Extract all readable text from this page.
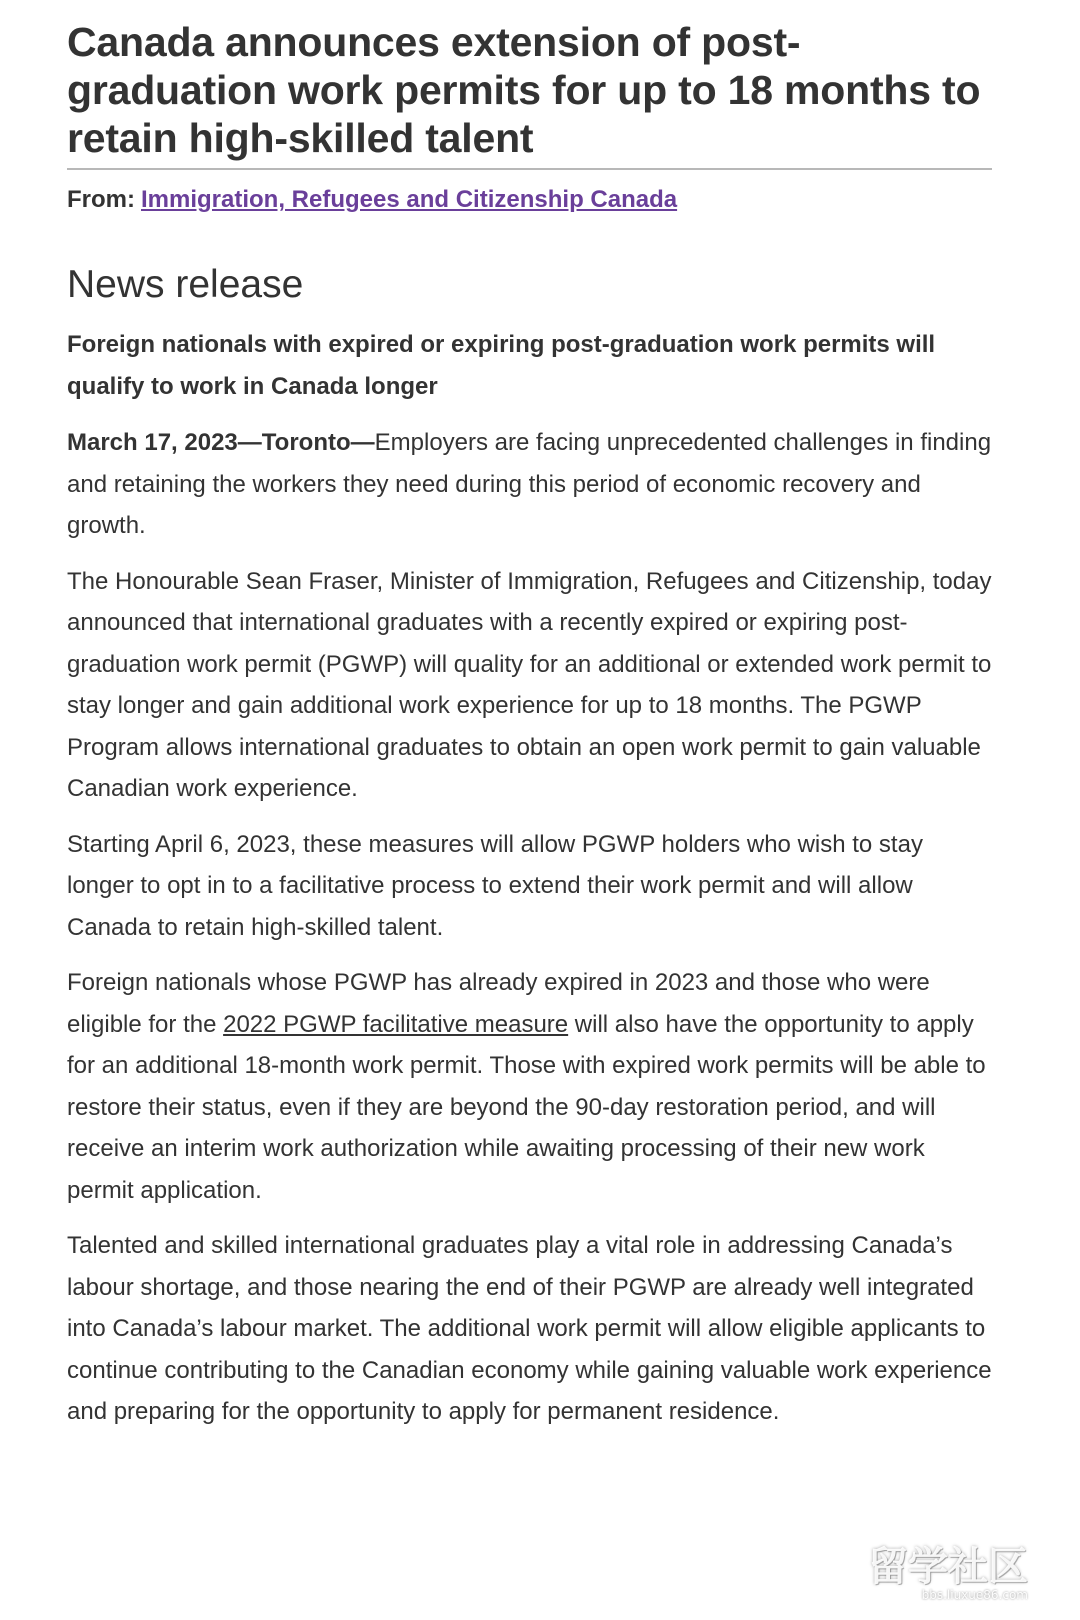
Canada announces extension of post-graduation work permits for up to 18 months to retain high-skilled talent
From: Immigration, Refugees and Citizenship Canada
News release
Foreign nationals with expired or expiring post-graduation work permits will qualify to work in Canada longer

March 17, 2023—Toronto—Employers are facing unprecedented challenges in finding and retaining the workers they need during this period of economic recovery and growth.

The Honourable Sean Fraser, Minister of Immigration, Refugees and Citizenship, today announced that international graduates with a recently expired or expiring post-graduation work permit (PGWP) will quality for an additional or extended work permit to stay longer and gain additional work experience for up to 18 months. The PGWP Program allows international graduates to obtain an open work permit to gain valuable Canadian work experience.

Starting April 6, 2023, these measures will allow PGWP holders who wish to stay longer to opt in to a facilitative process to extend their work permit and will allow Canada to retain high-skilled talent.

Foreign nationals whose PGWP has already expired in 2023 and those who were eligible for the 2022 PGWP facilitative measure will also have the opportunity to apply for an additional 18-month work permit. Those with expired work permits will be able to restore their status, even if they are beyond the 90-day restoration period, and will receive an interim work authorization while awaiting processing of their new work permit application.

Talented and skilled international graduates play a vital role in addressing Canada’s labour shortage, and those nearing the end of their PGWP are already well integrated into Canada’s labour market. The additional work permit will allow eligible applicants to continue contributing to the Canadian economy while gaining valuable work experience and preparing for the opportunity to apply for permanent residence.

留学社区
bbs.liuxue86.com
